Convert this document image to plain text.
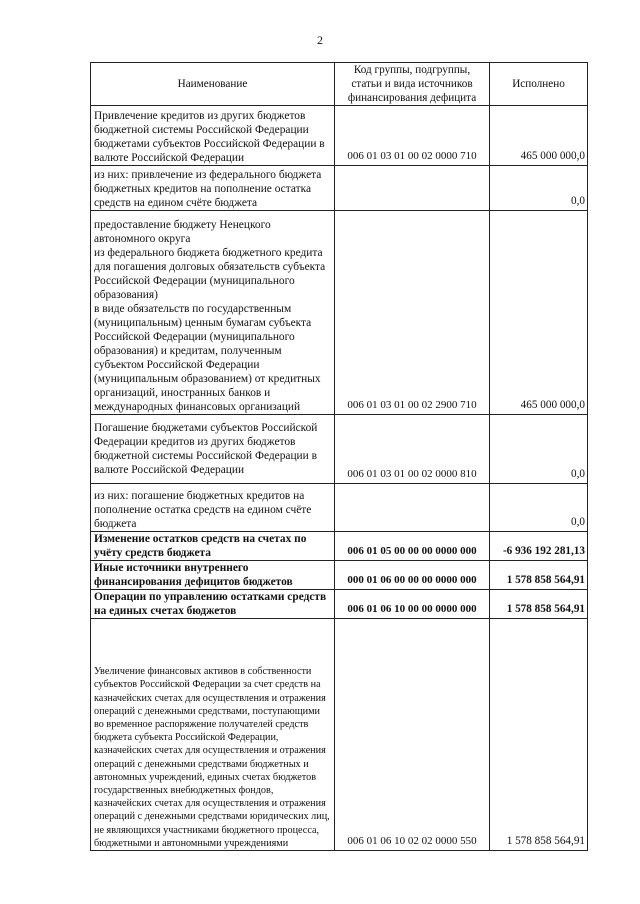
2
Наименование	Код группы, подгруппы, статьи и вида источников финансирования дефицита	Исполнено
Привлечение кредитов из других бюджетов бюджетной системы Российской Федерации бюджетами субъектов Российской Федерации в валюте Российской Федерации	006 01 03 01 00 02 0000 710	465 000 000,0
из них: привлечение из федерального бюджета бюджетных кредитов на пополнение остатка средств на едином счёте бюджета		0,0

предоставление бюджету Ненецкого автономного округа
из федерального бюджета бюджетного кредита для погашения долговых обязательств субъекта Российской Федерации (муниципального образования)
в виде обязательств по государственным (муниципальным) ценным бумагам субъекта Российской Федерации (муниципального образования) и кредитам, полученным субъектом Российской Федерации (муниципальным образованием) от кредитных организаций, иностранных банков и международных финансовых организаций	006 01 03 01 00 02 2900 710	465 000 000,0
Погашение бюджетами субъектов Российской Федерации кредитов из других бюджетов бюджетной системы Российской Федерации в валюте Российской Федерации	006 01 03 01 00 02 0000 810	0,0
из них: погашение бюджетных кредитов на пополнение остатка средств на едином счёте бюджета		0,0
Изменение остатков средств на счетах по учёту средств бюджета	006 01 05 00 00 00 0000 000	-6 936 192 281,13
Иные источники внутреннего финансирования дефицитов бюджетов	000 01 06 00 00 00 0000 000	1 578 858 564,91
Операции по управлению остатками средств на единых счетах бюджетов	006 01 06 10 00 00 0000 000	1 578 858 564,91

Увеличение финансовых активов в собственности субъектов Российской Федерации за счет средств на казначейских счетах для осуществления и отражения операций с денежными средствами, поступающими во временное распоряжение получателей средств бюджета субъекта Российской Федерации, казначейских счетах для осуществления и отражения операций с денежными средствами бюджетных и автономных учреждений, единых счетах бюджетов государственных внебюджетных фондов, казначейских счетах для осуществления и отражения операций с денежными средствами юридических лиц, не являющихся участниками бюджетного процесса, бюджетными и автономными учреждениями	006 01 06 10 02 02 0000 550	1 578 858 564,91
